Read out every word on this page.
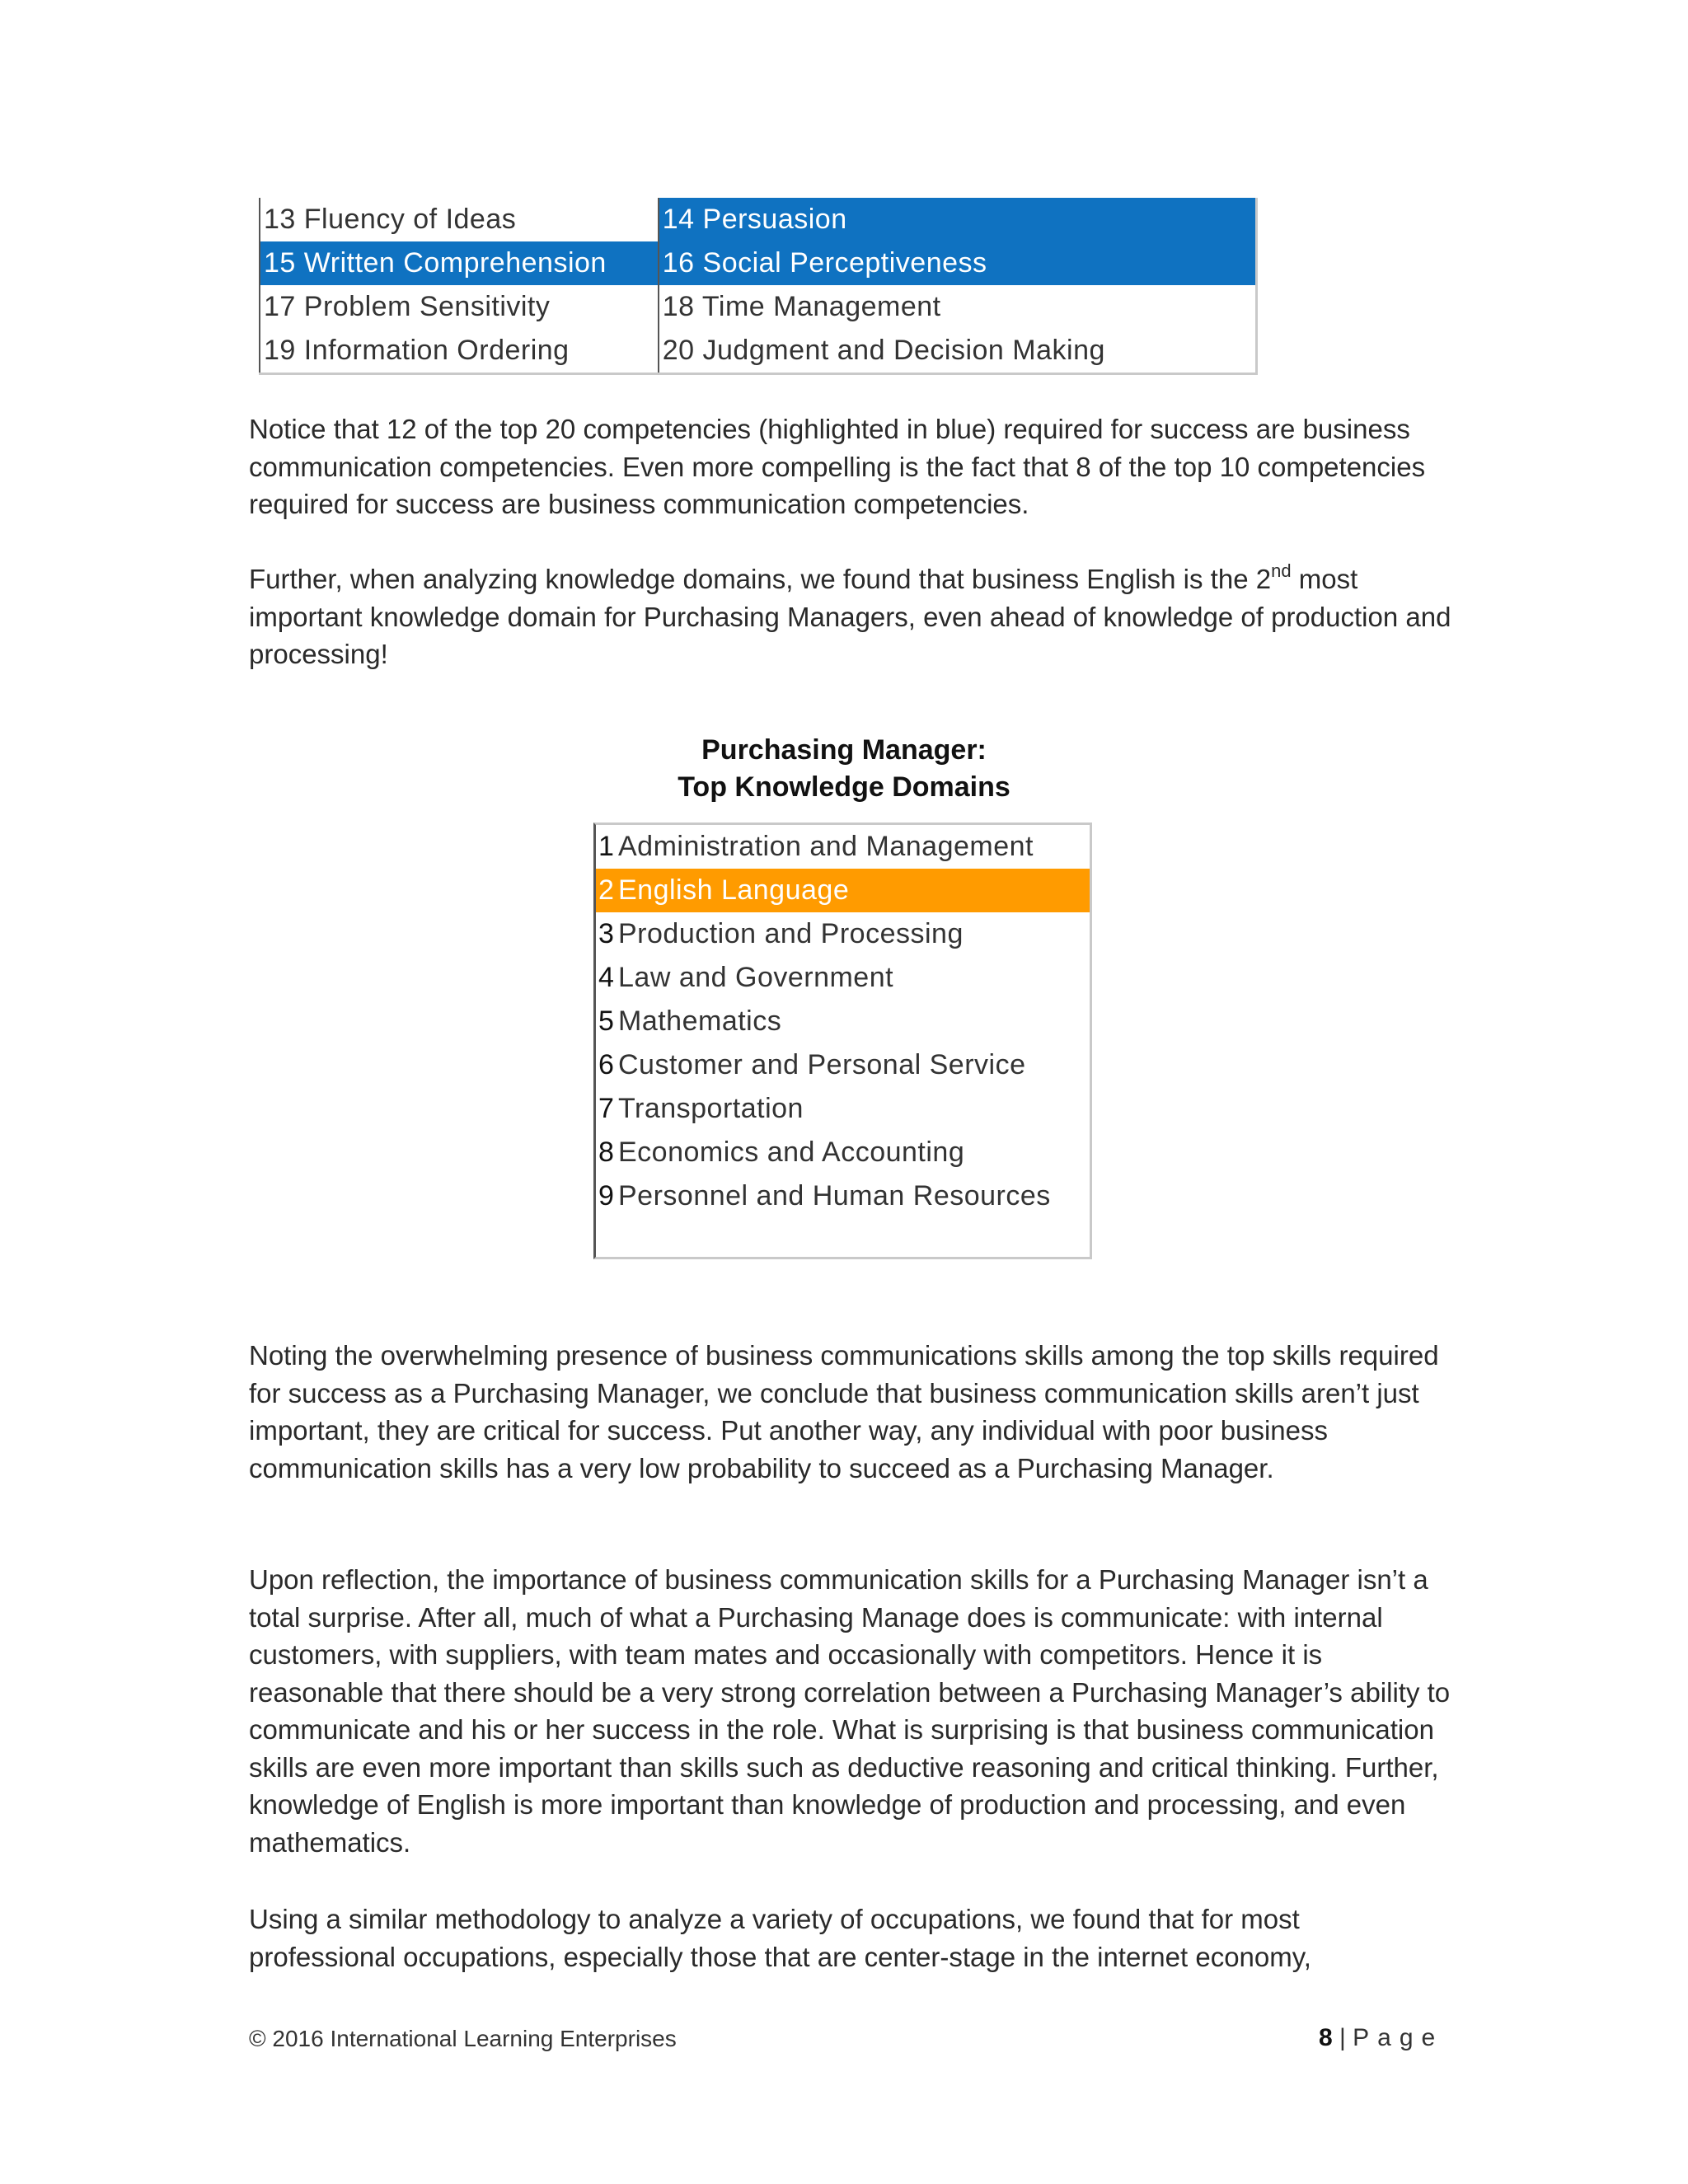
13 Fluency of Ideas	14 Persuasion
15 Written Comprehension	16 Social Perceptiveness
17 Problem Sensitivity	18 Time Management
19 Information Ordering	20 Judgment and Decision Making

Notice that 12 of the top 20 competencies (highlighted in blue) required for success are business communication competencies. Even more compelling is the fact that 8 of the top 10 competencies required for success are business communication competencies.

Further, when analyzing knowledge domains, we found that business English is the 2nd most important knowledge domain for Purchasing Managers, even ahead of knowledge of production and processing!

Purchasing Manager:

Top Knowledge Domains

1 Administration and Management
2 English Language
3 Production and Processing
4 Law and Government
5 Mathematics
6 Customer and Personal Service
7 Transportation
8 Economics and Accounting
9 Personnel and Human Resources

Noting the overwhelming presence of business communications skills among the top skills required for success as a Purchasing Manager, we conclude that business communication skills aren’t just important, they are critical for success. Put another way, any individual with poor business communication skills has a very low probability to succeed as a Purchasing Manager.

Upon reflection, the importance of business communication skills for a Purchasing Manager isn’t a total surprise. After all, much of what a Purchasing Manage does is communicate: with internal customers, with suppliers, with team mates and occasionally with competitors. Hence it is reasonable that there should be a very strong correlation between a Purchasing Manager’s ability to communicate and his or her success in the role. What is surprising is that business communication skills are even more important than skills such as deductive reasoning and critical thinking. Further, knowledge of English is more important than knowledge of production and processing, and even mathematics.

Using a similar methodology to analyze a variety of occupations, we found that for most professional occupations, especially those that are center-stage in the internet economy,

© 2016 International Learning Enterprises	8 | Page
